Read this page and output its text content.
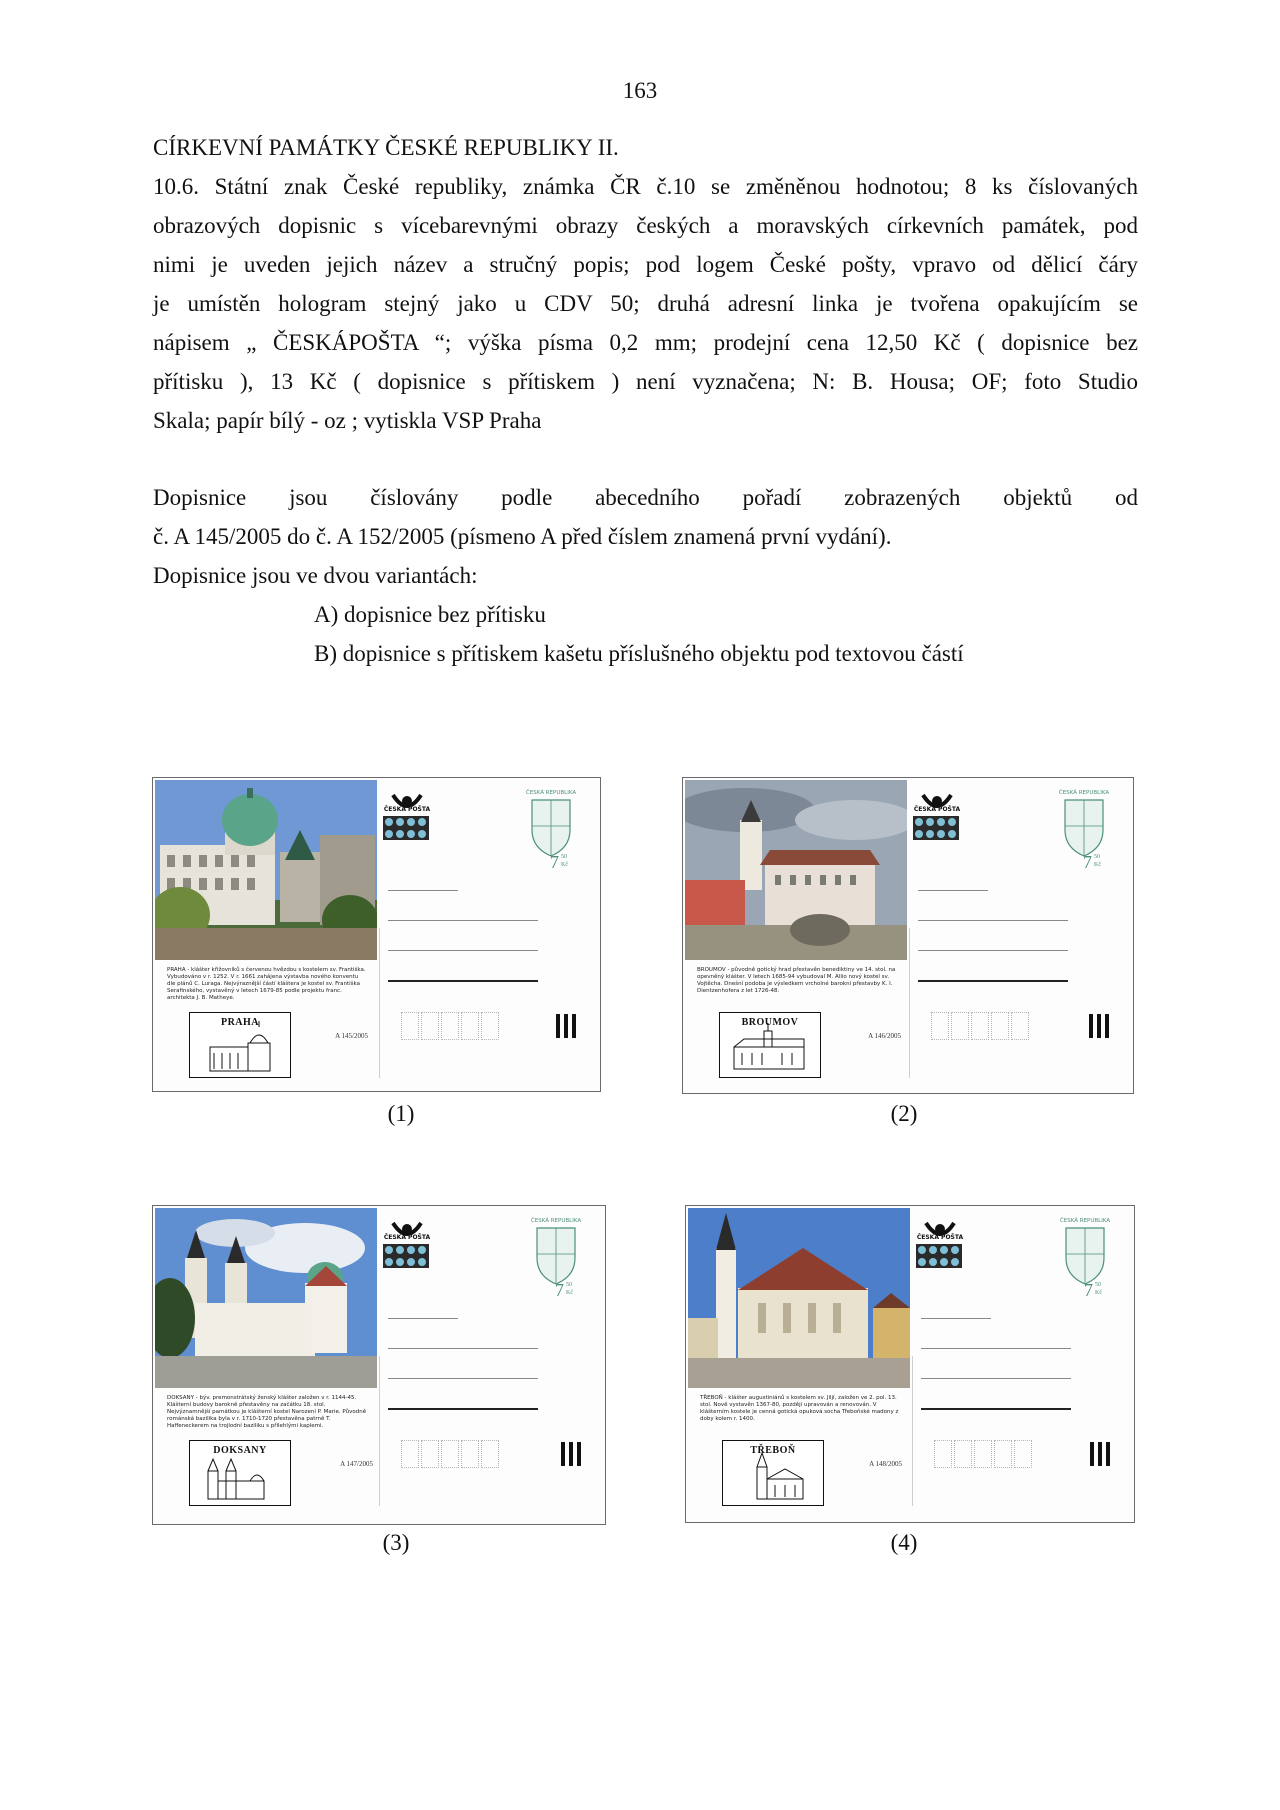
163
CÍRKEVNÍ PAMÁTKY ČESKÉ REPUBLIKY II.
10.6. Státní znak České republiky, známka ČR č.10 se změněnou hodnotou; 8 ks číslovaných
obrazových dopisnic s vícebarevnými obrazy českých a moravských církevních památek, pod
nimi je uveden jejich název a stručný popis; pod logem České pošty, vpravo od dělicí čáry
je umístěn hologram stejný jako u CDV 50; druhá adresní linka je tvořena opakujícím se
nápisem „ ČESKÁPOŠTA “; výška písma 0,2 mm; prodejní cena 12,50 Kč ( dopisnice bez
přítisku ), 13 Kč ( dopisnice s přítiskem ) není vyznačena; N: B. Housa; OF; foto Studio
Skala; papír bílý - oz ; vytiskla VSP Praha
Dopisnice jsou číslovány podle abecedního pořadí zobrazených objektů od
č. A 145/2005 do č. A 152/2005 (písmeno A před číslem znamená první vydání).
Dopisnice jsou ve dvou variantách:
A) dopisnice bez přítisku
B) dopisnice s přítiskem kašetu příslušného objektu pod textovou částí
PRAHA - klášter křižovníků s červenou hvězdou s kostelem sv. Františka. Vybudováno v r. 1252. V r. 1661 zahájena výstavba nového konventu dle plánů C. Luraga. Nejvýraznější částí kláštera je kostel sv. Františka Serafinského, vystavěný v letech 1679-85 podle projektu franc. architekta J. B. Matheye.
PRAHA
A 145/2005
ČESKÁ POŠTA
ČESKÁ REPUBLIKA
7 50
Kč
(1)
BROUMOV - původně gotický hrad přestavěn benediktiny ve 14. stol. na opevněný klášter. V letech 1685-94 vybudoval M. Allio nový kostel sv. Vojtěcha. Dnešní podoba je výsledkem vrcholné barokní přestavby K. I. Dientzenhofera z let 1726-48.
BROUMOV
A 146/2005
ČESKÁ POŠTA
ČESKÁ REPUBLIKA
7 50
Kč
(2)
DOKSANY - býv. premonstrátský ženský klášter založen v r. 1144-45. Klášterní budovy barokně přestavěny na začátku 18. stol. Nejvýznamnější památkou je klášterní kostel Narození P. Marie. Původně románská bazilika byla v r. 1710-1720 přestavěna patrně T. Haffeneckerem na trojlodní baziliku s přilehlými kaplemi.
DOKSANY
A 147/2005
ČESKÁ POŠTA
ČESKÁ REPUBLIKA
7 50
Kč
(3)
TŘEBOŇ - klášter augustiniánů s kostelem sv. Jiljí, založen ve 2. pol. 13. stol. Nově vystavěn 1367-80, později upravován a renovován. V klášterním kostele je cenná gotická opuková socha Třeboňské madony z doby kolem r. 1400.
TŘEBOŇ
A 148/2005
ČESKÁ POŠTA
ČESKÁ REPUBLIKA
7 50
Kč
(4)
